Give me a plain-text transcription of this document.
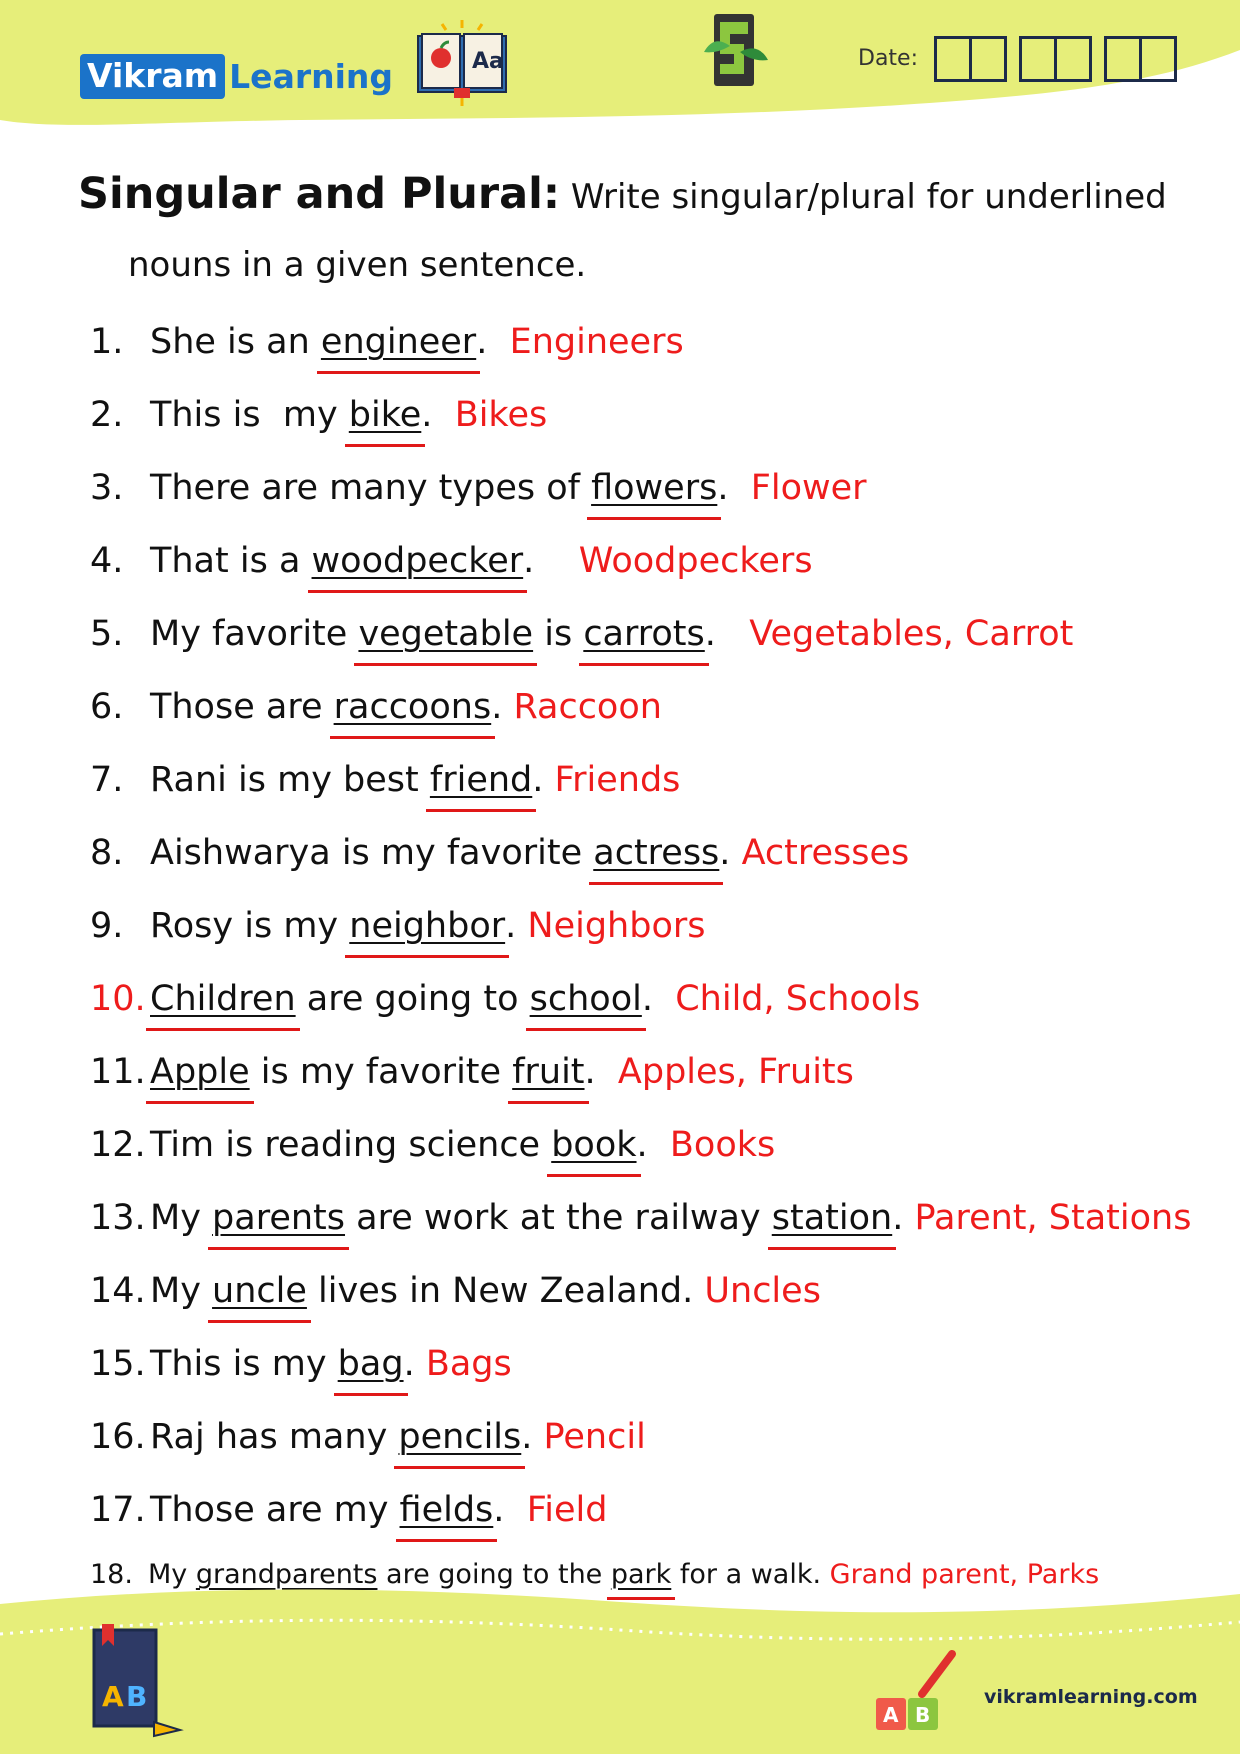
Vikram Learning	Aa	Date:
Singular and Plural: Write singular/plural for underlined
nouns in a given sentence.
1. She is an engineer.  Engineers
2. This is  my bike.  Bikes
3. There are many types of flowers.  Flower
4. That is a woodpecker.    Woodpeckers
5. My favorite vegetable is carrots.   Vegetables, Carrot
6. Those are raccoons. Raccoon
7. Rani is my best friend. Friends
8. Aishwarya is my favorite actress. Actresses
9. Rosy is my neighbor. Neighbors
10. Children are going to school.  Child, Schools
11. Apple is my favorite fruit.  Apples, Fruits
12. Tim is reading science book.  Books
13. My parents are work at the railway station. Parent, Stations
14. My uncle lives in New Zealand. Uncles
15. This is my bag. Bags
16. Raj has many pencils. Pencil
17. Those are my fields.  Field
18. My grandparents are going to the park for a walk. Grand parent, Parks
A B
A B
vikramlearning.com
